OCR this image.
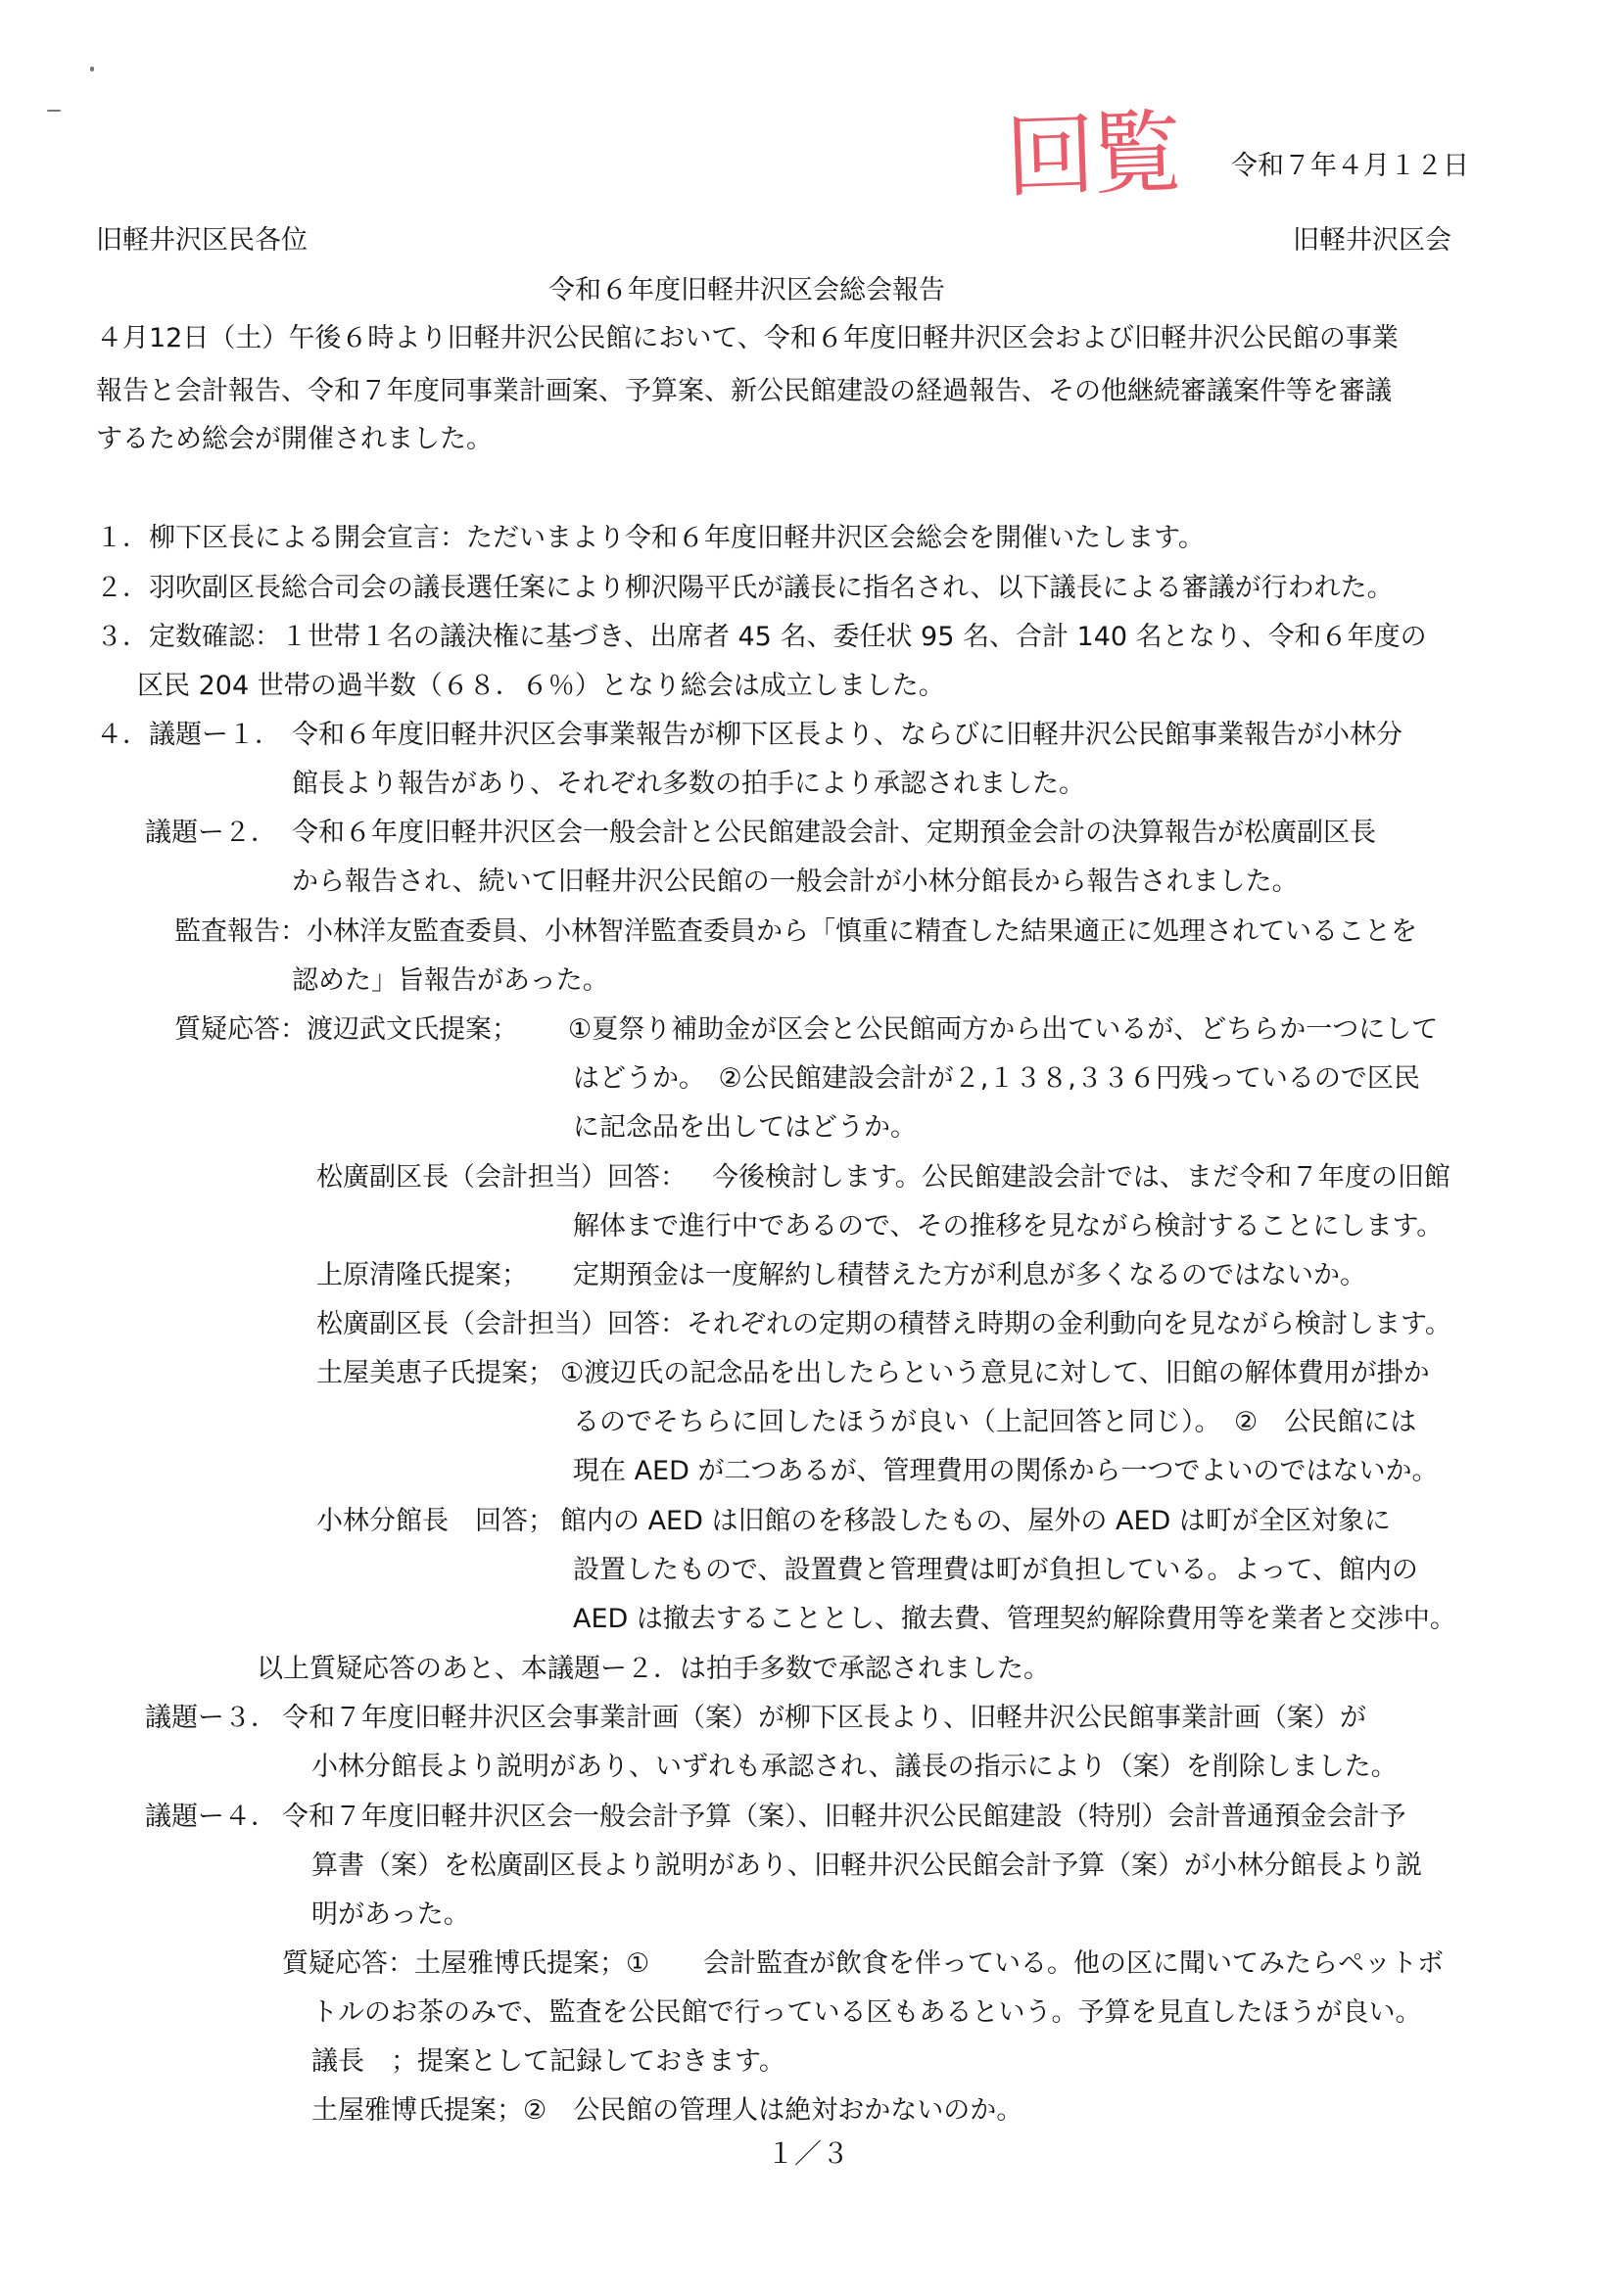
回覧	令和７年４月１２日
旧軽井沢区民各位	旧軽井沢区会
令和６年度旧軽井沢区会総会報告
４月12日（土）午後６時より旧軽井沢公民館において、令和６年度旧軽井沢区会および旧軽井沢公民館の事業
報告と会計報告、令和７年度同事業計画案、予算案、新公民館建設の経過報告、その他継続審議案件等を審議
するため総会が開催されました。
１．柳下区長による開会宣言：ただいまより令和６年度旧軽井沢区会総会を開催いたします。
２．羽吹副区長総合司会の議長選任案により柳沢陽平氏が議長に指名され、以下議長による審議が行われた。
３．定数確認：１世帯１名の議決権に基づき、出席者 45 名、委任状 95 名、合計 140 名となり、令和６年度の
区民 204 世帯の過半数（６８．６％）となり総会は成立しました。
４．議題ー１． 令和６年度旧軽井沢区会事業報告が柳下区長より、ならびに旧軽井沢公民館事業報告が小林分
館長より報告があり、それぞれ多数の拍手により承認されました。
議題ー２． 令和６年度旧軽井沢区会一般会計と公民館建設会計、定期預金会計の決算報告が松廣副区長
から報告され、続いて旧軽井沢公民館の一般会計が小林分館長から報告されました。
監査報告：小林洋友監査委員、小林智洋監査委員から「慎重に精査した結果適正に処理されていることを
認めた」旨報告があった。
質疑応答：渡辺武文氏提案； ①夏祭り補助金が区会と公民館両方から出ているが、どちらか一つにして
はどうか。　②公民館建設会計が２,１３８,３３６円残っているので区民
に記念品を出してはどうか。
松廣副区長（会計担当）回答： 今後検討します。公民館建設会計では、まだ令和７年度の旧館
解体まで進行中であるので、その推移を見ながら検討することにします。
上原清隆氏提案； 定期預金は一度解約し積替えた方が利息が多くなるのではないか。
松廣副区長（会計担当）回答：それぞれの定期の積替え時期の金利動向を見ながら検討します。
土屋美恵子氏提案； ①渡辺氏の記念品を出したらという意見に対して、旧館の解体費用が掛か
るのでそちらに回したほうが良い（上記回答と同じ）。　②　公民館には
現在 AED が二つあるが、管理費用の関係から一つでよいのではないか。
小林分館長　回答； 館内の AED は旧館のを移設したもの、屋外の AED は町が全区対象に
設置したもので、設置費と管理費は町が負担している。よって、館内の
AED は撤去することとし、撤去費、管理契約解除費用等を業者と交渉中。
以上質疑応答のあと、本議題ー２．は拍手多数で承認されました。
議題ー３． 令和７年度旧軽井沢区会事業計画（案）が柳下区長より、旧軽井沢公民館事業計画（案）が
小林分館長より説明があり、いずれも承認され、議長の指示により（案）を削除しました。
議題ー４． 令和７年度旧軽井沢区会一般会計予算（案）、旧軽井沢公民館建設（特別）会計普通預金会計予
算書（案）を松廣副区長より説明があり、旧軽井沢公民館会計予算（案）が小林分館長より説
明があった。
質疑応答：土屋雅博氏提案；① 会計監査が飲食を伴っている。他の区に聞いてみたらペットボ
トルのお茶のみで、監査を公民館で行っている区もあるという。予算を見直したほうが良い。
議長　；提案として記録しておきます。
土屋雅博氏提案；②　公民館の管理人は絶対おかないのか。
１／３
